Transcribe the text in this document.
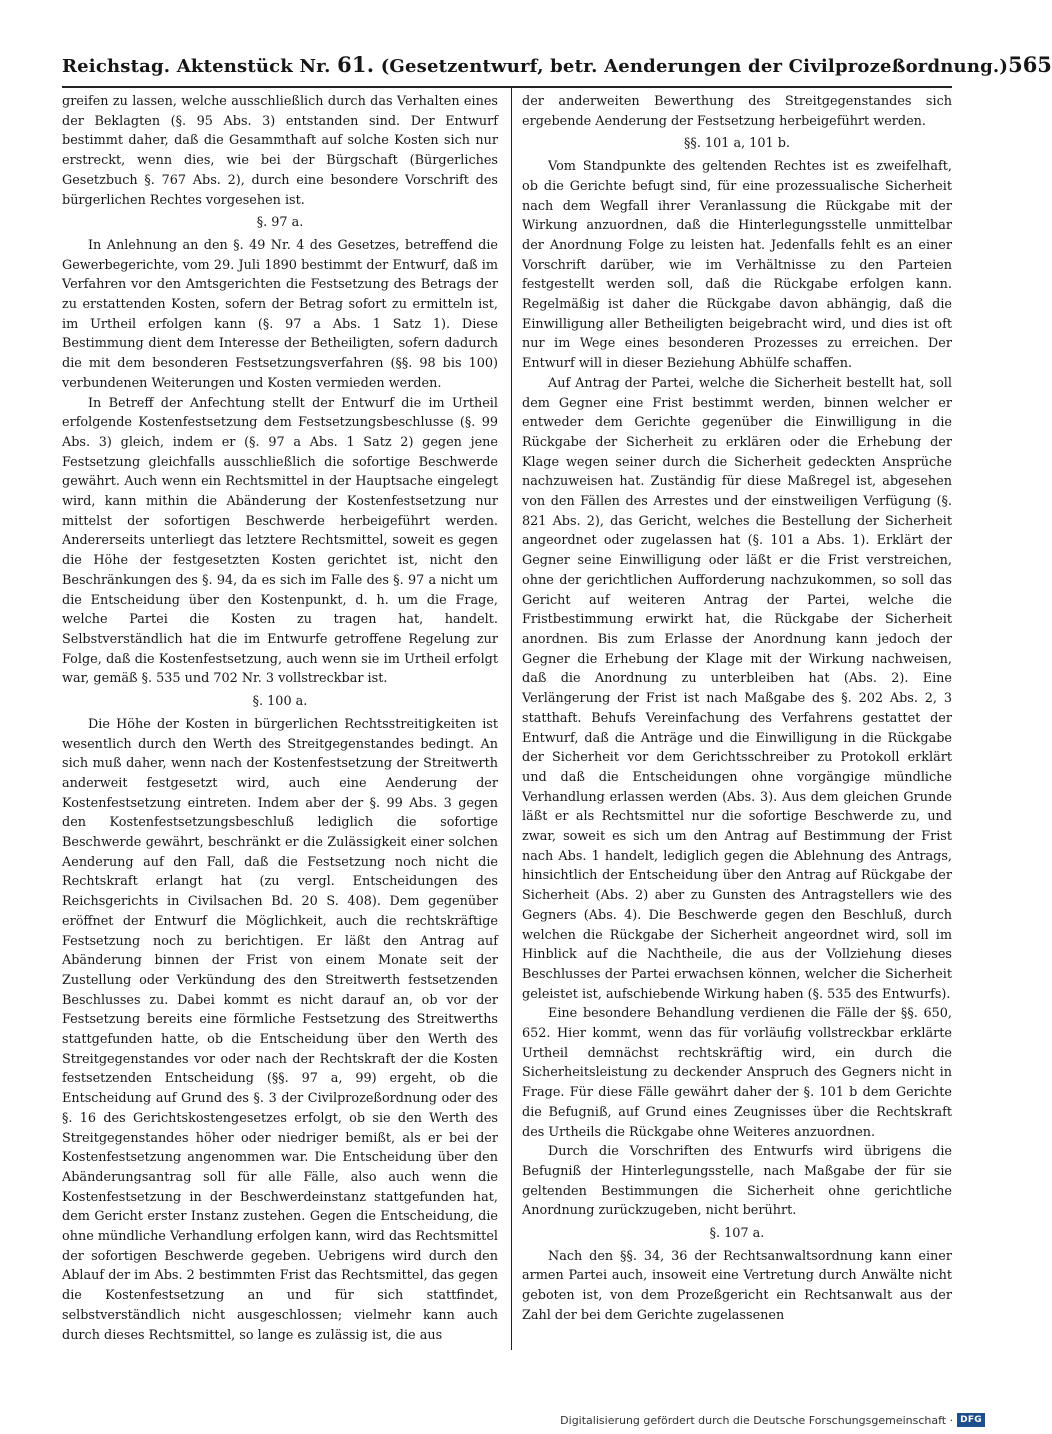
Reichstag. Aktenstück Nr. 61. (Gesetzentwurf, betr. Aenderungen der Civilprozeßordnung.) 565

greifen zu lassen, welche ausschließlich durch das Verhalten eines der Beklagten (§. 95 Abs. 3) entstanden sind. Der Entwurf bestimmt daher, daß die Gesammthaft auf solche Kosten sich nur erstreckt, wenn dies, wie bei der Bürgschaft (Bürgerliches Gesetzbuch §. 767 Abs. 2), durch eine besondere Vorschrift des bürgerlichen Rechtes vorgesehen ist.

§. 97 a.

In Anlehnung an den §. 49 Nr. 4 des Gesetzes, betreffend die Gewerbegerichte, vom 29. Juli 1890 bestimmt der Entwurf, daß im Verfahren vor den Amtsgerichten die Festsetzung des Betrags der zu erstattenden Kosten, sofern der Betrag sofort zu ermitteln ist, im Urtheil erfolgen kann (§. 97 a Abs. 1 Satz 1). Diese Bestimmung dient dem Interesse der Betheiligten, sofern dadurch die mit dem besonderen Festsetzungsverfahren (§§. 98 bis 100) verbundenen Weiterungen und Kosten vermieden werden.

In Betreff der Anfechtung stellt der Entwurf die im Urtheil erfolgende Kostenfestsetzung dem Festsetzungsbeschlusse (§. 99 Abs. 3) gleich, indem er (§. 97 a Abs. 1 Satz 2) gegen jene Festsetzung gleichfalls ausschließlich die sofortige Beschwerde gewährt. Auch wenn ein Rechtsmittel in der Hauptsache eingelegt wird, kann mithin die Abänderung der Kostenfestsetzung nur mittelst der sofortigen Beschwerde herbeigeführt werden. Andererseits unterliegt das letztere Rechtsmittel, soweit es gegen die Höhe der festgesetzten Kosten gerichtet ist, nicht den Beschränkungen des §. 94, da es sich im Falle des §. 97 a nicht um die Entscheidung über den Kostenpunkt, d. h. um die Frage, welche Partei die Kosten zu tragen hat, handelt. Selbstverständlich hat die im Entwurfe getroffene Regelung zur Folge, daß die Kostenfestsetzung, auch wenn sie im Urtheil erfolgt war, gemäß §. 535 und 702 Nr. 3 vollstreckbar ist.

§. 100 a.

Die Höhe der Kosten in bürgerlichen Rechtsstreitigkeiten ist wesentlich durch den Werth des Streitgegenstandes bedingt. An sich muß daher, wenn nach der Kostenfestsetzung der Streitwerth anderweit festgesetzt wird, auch eine Aenderung der Kostenfestsetzung eintreten. Indem aber der §. 99 Abs. 3 gegen den Kostenfestsetzungsbeschluß lediglich die sofortige Beschwerde gewährt, beschränkt er die Zulässigkeit einer solchen Aenderung auf den Fall, daß die Festsetzung noch nicht die Rechtskraft erlangt hat (zu vergl. Entscheidungen des Reichsgerichts in Civilsachen Bd. 20 S. 408). Dem gegenüber eröffnet der Entwurf die Möglichkeit, auch die rechtskräftige Festsetzung noch zu berichtigen. Er läßt den Antrag auf Abänderung binnen der Frist von einem Monate seit der Zustellung oder Verkündung des den Streitwerth festsetzenden Beschlusses zu. Dabei kommt es nicht darauf an, ob vor der Festsetzung bereits eine förmliche Festsetzung des Streitwerths stattgefunden hatte, ob die Entscheidung über den Werth des Streitgegenstandes vor oder nach der Rechtskraft der die Kosten festsetzenden Entscheidung (§§. 97 a, 99) ergeht, ob die Entscheidung auf Grund des §. 3 der Civilprozeßordnung oder des §. 16 des Gerichtskostengesetzes erfolgt, ob sie den Werth des Streitgegenstandes höher oder niedriger bemißt, als er bei der Kostenfestsetzung angenommen war. Die Entscheidung über den Abänderungsantrag soll für alle Fälle, also auch wenn die Kostenfestsetzung in der Beschwerdeinstanz stattgefunden hat, dem Gericht erster Instanz zustehen. Gegen die Entscheidung, die ohne mündliche Verhandlung erfolgen kann, wird das Rechtsmittel der sofortigen Beschwerde gegeben. Uebrigens wird durch den Ablauf der im Abs. 2 bestimmten Frist das Rechtsmittel, das gegen die Kostenfestsetzung an und für sich stattfindet, selbstverständlich nicht ausgeschlossen; vielmehr kann auch durch dieses Rechtsmittel, so lange es zulässig ist, die aus

der anderweiten Bewerthung des Streitgegenstandes sich ergebende Aenderung der Festsetzung herbeigeführt werden.

§§. 101 a, 101 b.

Vom Standpunkte des geltenden Rechtes ist es zweifelhaft, ob die Gerichte befugt sind, für eine prozessualische Sicherheit nach dem Wegfall ihrer Veranlassung die Rückgabe mit der Wirkung anzuordnen, daß die Hinterlegungsstelle unmittelbar der Anordnung Folge zu leisten hat. Jedenfalls fehlt es an einer Vorschrift darüber, wie im Verhältnisse zu den Parteien festgestellt werden soll, daß die Rückgabe erfolgen kann. Regelmäßig ist daher die Rückgabe davon abhängig, daß die Einwilligung aller Betheiligten beigebracht wird, und dies ist oft nur im Wege eines besonderen Prozesses zu erreichen. Der Entwurf will in dieser Beziehung Abhülfe schaffen.

Auf Antrag der Partei, welche die Sicherheit bestellt hat, soll dem Gegner eine Frist bestimmt werden, binnen welcher er entweder dem Gerichte gegenüber die Einwilligung in die Rückgabe der Sicherheit zu erklären oder die Erhebung der Klage wegen seiner durch die Sicherheit gedeckten Ansprüche nachzuweisen hat. Zuständig für diese Maßregel ist, abgesehen von den Fällen des Arrestes und der einstweiligen Verfügung (§. 821 Abs. 2), das Gericht, welches die Bestellung der Sicherheit angeordnet oder zugelassen hat (§. 101 a Abs. 1). Erklärt der Gegner seine Einwilligung oder läßt er die Frist verstreichen, ohne der gerichtlichen Aufforderung nachzukommen, so soll das Gericht auf weiteren Antrag der Partei, welche die Fristbestimmung erwirkt hat, die Rückgabe der Sicherheit anordnen. Bis zum Erlasse der Anordnung kann jedoch der Gegner die Erhebung der Klage mit der Wirkung nachweisen, daß die Anordnung zu unterbleiben hat (Abs. 2). Eine Verlängerung der Frist ist nach Maßgabe des §. 202 Abs. 2, 3 statthaft. Behufs Vereinfachung des Verfahrens gestattet der Entwurf, daß die Anträge und die Einwilligung in die Rückgabe der Sicherheit vor dem Gerichtsschreiber zu Protokoll erklärt und daß die Entscheidungen ohne vorgängige mündliche Verhandlung erlassen werden (Abs. 3). Aus dem gleichen Grunde läßt er als Rechtsmittel nur die sofortige Beschwerde zu, und zwar, soweit es sich um den Antrag auf Bestimmung der Frist nach Abs. 1 handelt, lediglich gegen die Ablehnung des Antrags, hinsichtlich der Entscheidung über den Antrag auf Rückgabe der Sicherheit (Abs. 2) aber zu Gunsten des Antragstellers wie des Gegners (Abs. 4). Die Beschwerde gegen den Beschluß, durch welchen die Rückgabe der Sicherheit angeordnet wird, soll im Hinblick auf die Nachtheile, die aus der Vollziehung dieses Beschlusses der Partei erwachsen können, welcher die Sicherheit geleistet ist, aufschiebende Wirkung haben (§. 535 des Entwurfs).

Eine besondere Behandlung verdienen die Fälle der §§. 650, 652. Hier kommt, wenn das für vorläufig vollstreckbar erklärte Urtheil demnächst rechtskräftig wird, ein durch die Sicherheitsleistung zu deckender Anspruch des Gegners nicht in Frage. Für diese Fälle gewährt daher der §. 101 b dem Gerichte die Befugniß, auf Grund eines Zeugnisses über die Rechtskraft des Urtheils die Rückgabe ohne Weiteres anzuordnen.

Durch die Vorschriften des Entwurfs wird übrigens die Befugniß der Hinterlegungsstelle, nach Maßgabe der für sie geltenden Bestimmungen die Sicherheit ohne gerichtliche Anordnung zurückzugeben, nicht berührt.

§. 107 a.

Nach den §§. 34, 36 der Rechtsanwaltsordnung kann einer armen Partei auch, insoweit eine Vertretung durch Anwälte nicht geboten ist, von dem Prozeßgericht ein Rechtsanwalt aus der Zahl der bei dem Gerichte zugelassenen

Digitalisierung gefördert durch die Deutsche Forschungsgemeinschaft · DFG
